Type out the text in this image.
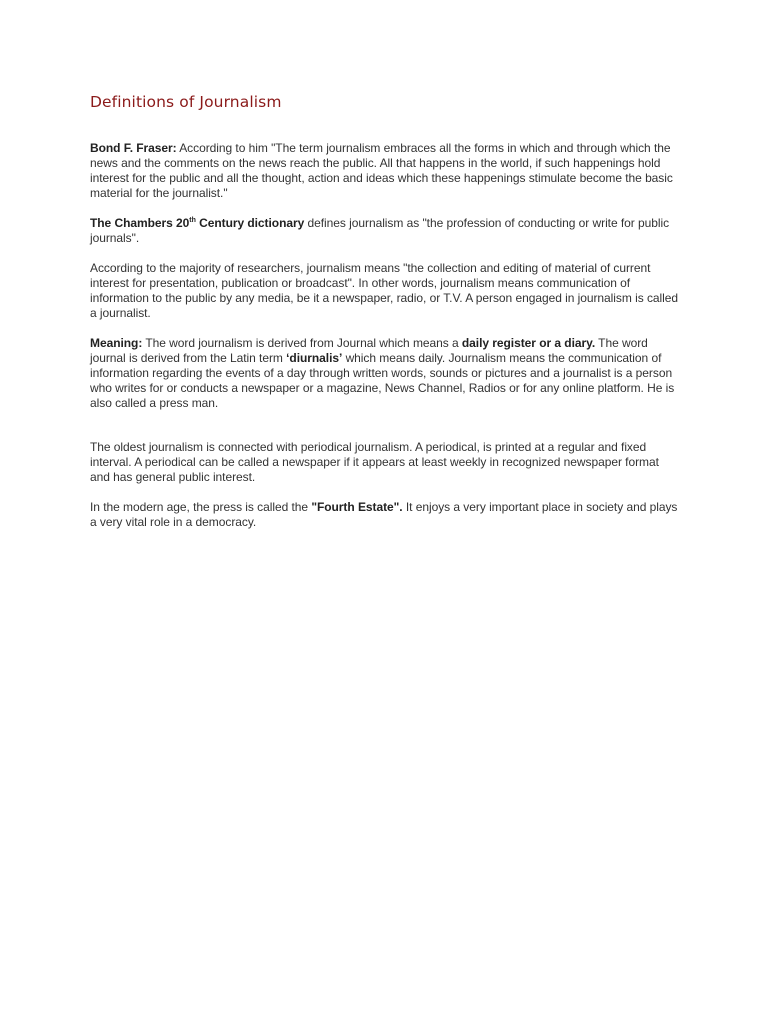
Definitions of Journalism

Bond F. Fraser: According to him "The term journalism embraces all the forms in which and through which the news and the comments on the news reach the public. All that happens in the world, if such happenings hold interest for the public and all the thought, action and ideas which these happenings stimulate become the basic material for the journalist."

The Chambers 20th Century dictionary defines journalism as "the profession of conducting or write for public journals".

According to the majority of researchers, journalism means "the collection and editing of material of current interest for presentation, publication or broadcast". In other words, journalism means communication of information to the public by any media, be it a newspaper, radio, or T.V. A person engaged in journalism is called a journalist.

Meaning: The word journalism is derived from Journal which means a daily register or a diary. The word journal is derived from the Latin term ‘diurnalis’ which means daily. Journalism means the communication of information regarding the events of a day through written words, sounds or pictures and a journalist is a person who writes for or conducts a newspaper or a magazine, News Channel, Radios or for any online platform. He is also called a press man.

The oldest journalism is connected with periodical journalism. A periodical, is printed at a regular and fixed interval. A periodical can be called a newspaper if it appears at least weekly in recognized newspaper format and has general public interest.

In the modern age, the press is called the "Fourth Estate". It enjoys a very important place in society and plays a very vital role in a democracy.
